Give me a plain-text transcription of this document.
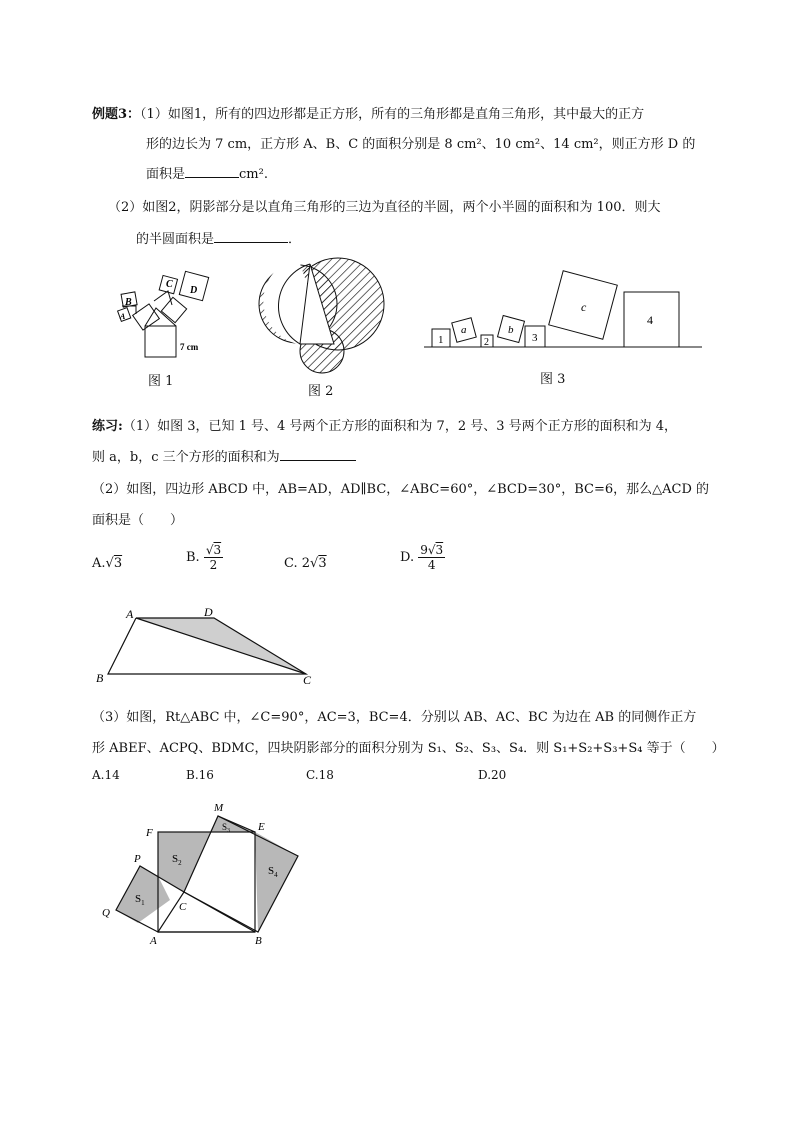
例题3：（1）如图1，所有的四边形都是正方形，所有的三角形都是直角三角形，其中最大的正方
形的边长为 7 cm，正方形 A、B、C 的面积分别是 8 cm²、10 cm²、14 cm²，则正方形 D 的
面积是	cm².
（2）如图2，阴影部分是以直角三角形的三边为直径的半圆，两个小半圆的面积和为 100．则大
的半圆面积是	．
B
A
C
D
7 cm
图 1
图 2
1
a
2
b
3
c
4
图 3
练习:（1）如图 3，已知 1 号、4 号两个正方形的面积和为 7，2 号、3 号两个正方形的面积和为 4，
则 a，b，c 三个方形的面积和为
（2）如图，四边形 ABCD 中，AB=AD，AD∥BC，∠ABC=60°，∠BCD=30°，BC=6，那么△ACD 的
面积是（　　）
A.√3	B. $\frac{√3}{2}$	C. 2√3	D. $\frac{9√3}{4}$
A	D
B	C
（3）如图，Rt△ABC 中，∠C=90°，AC=3，BC=4．分别以 AB、AC、BC 为边在 AB 的同侧作正方
形 ABEF、ACPQ、BDMC，四块阴影部分的面积分别为 S₁、S₂、S₃、S₄．则 S₁+S₂+S₃+S₄ 等于（　　）
A.14	B.16	C.18	D.20
M
F	E
P
Q	C
A	B
$S_1$
$S_2$
$S_3$
$S_4$
